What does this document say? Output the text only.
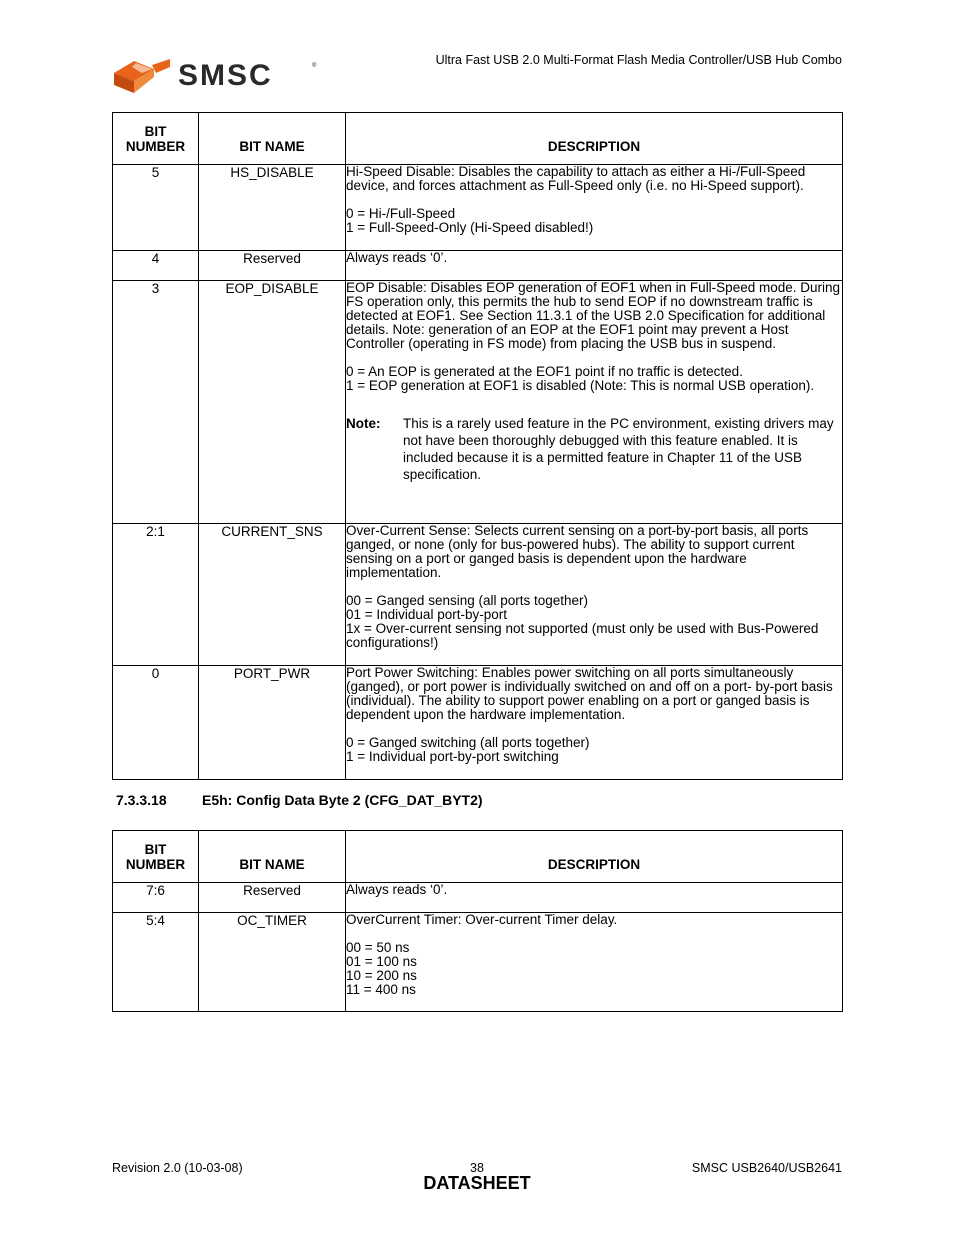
SMSC	®	Ultra Fast USB 2.0 Multi-Format Flash Media Controller/USB Hub Combo
BIT
NUMBER	BIT NAME	DESCRIPTION
5	HS_DISABLE	Hi-Speed Disable: Disables the capability to attach as either a Hi-/Full-Speed device, and forces attachment as Full-Speed only (i.e. no Hi-Speed support).
0 = Hi-/Full-Speed
1 = Full-Speed-Only (Hi-Speed disabled!)

4	Reserved	Always reads ‘0’.

3	EOP_DISABLE	EOP Disable: Disables EOP generation of EOF1 when in Full-Speed mode. During FS operation only, this permits the hub to send EOP if no downstream traffic is detected at EOF1. See Section 11.3.1 of the USB 2.0 Specification for additional details. Note: generation of an EOP at the EOF1 point may prevent a Host Controller (operating in FS mode) from placing the USB bus in suspend.
0 = An EOP is generated at the EOF1 point if no traffic is detected.
1 = EOP generation at EOF1 is disabled (Note: This is normal USB operation).
Note: This is a rarely used feature in the PC environment, existing drivers may not have been thoroughly debugged with this feature enabled. It is included because it is a permitted feature in Chapter 11 of the USB specification.

2:1	CURRENT_SNS	Over-Current Sense: Selects current sensing on a port-by-port basis, all ports ganged, or none (only for bus-powered hubs). The ability to support current sensing on a port or ganged basis is dependent upon the hardware implementation.
00 = Ganged sensing (all ports together)
01 = Individual port-by-port
1x = Over-current sensing not supported (must only be used with Bus-Powered configurations!)

0	PORT_PWR	Port Power Switching: Enables power switching on all ports simultaneously (ganged), or port power is individually switched on and off on a port- by-port basis (individual). The ability to support power enabling on a port or ganged basis is dependent upon the hardware implementation.
0 = Ganged switching (all ports together)
1 = Individual port-by-port switching
7.3.3.18	E5h: Config Data Byte 2 (CFG_DAT_BYT2)
BIT
NUMBER	BIT NAME	DESCRIPTION
7:6	Reserved	Always reads ‘0’.

5:4	OC_TIMER	OverCurrent Timer: Over-current Timer delay.
00 = 50 ns
01 = 100 ns
10 = 200 ns
11 = 400 ns
Revision 2.0 (10-03-08)	38	SMSC USB2640/USB2641
DATASHEET
